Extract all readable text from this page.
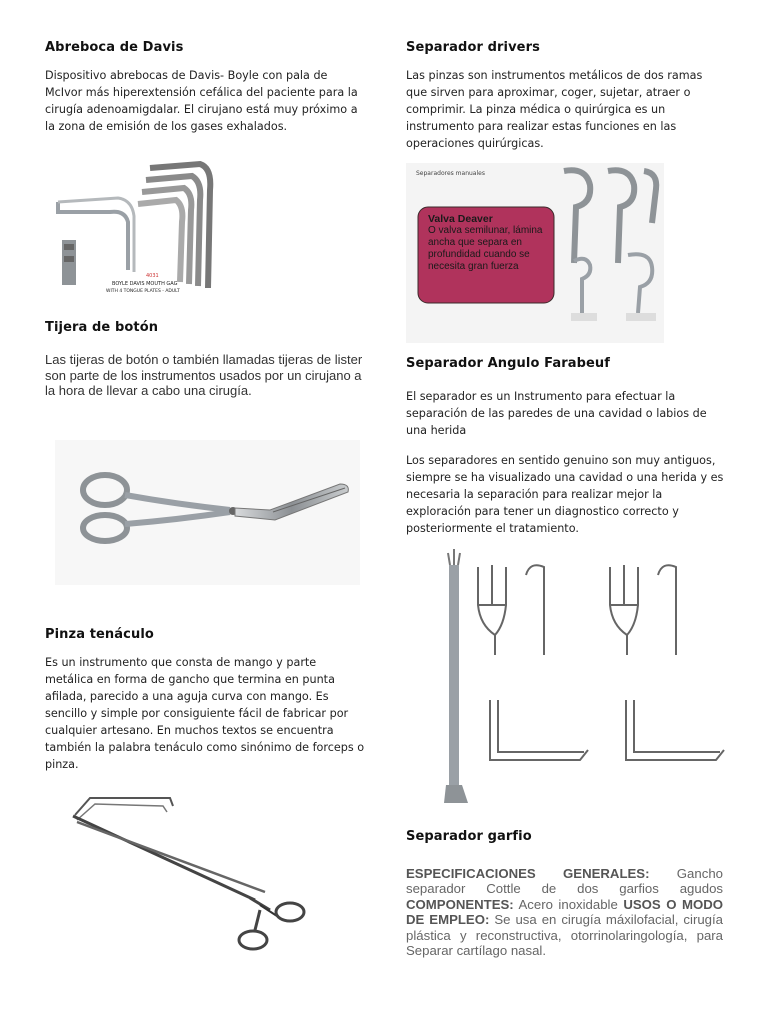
Abreboca de Davis

Dispositivo abrebocas de Davis- Boyle con pala de McIvor más hiperextensión cefálica del paciente para la cirugía adenoamigdalar. El cirujano está muy próximo a la zona de emisión de los gases exhalados.

4031
BOYLE DAVIS MOUTH GAG
WITH 4 TONGUE PLATES - ADULT
Tijera de botón

Las tijeras de botón o también llamadas tijeras de lister son parte de los instrumentos usados por un cirujano a la hora de llevar a cabo una cirugía.

Pinza tenáculo

Es un instrumento que consta de mango y parte metálica en forma de gancho que termina en punta afilada, parecido a una aguja curva con mango. Es sencillo y simple por consiguiente fácil de fabricar por cualquier artesano. En muchos textos se encuentra también la palabra tenáculo como sinónimo de forceps o pinza.

Separador drivers

Las pinzas son instrumentos metálicos de dos ramas que sirven para aproximar, coger, sujetar, atraer o comprimir. La pinza médica o quirúrgica es un instrumento para realizar estas funciones en las operaciones quirúrgicas.

Separadores manuales
Valva Deaver
O valva semilunar, lámina ancha que separa en profundidad cuando se necesita gran fuerza
Separador Angulo Farabeuf

El separador es un Instrumento para efectuar la separación de las paredes de una cavidad o labios de una herida

Los separadores en sentido genuino son muy antiguos, siempre se ha visualizado una cavidad o una herida y es necesaria la separación para realizar mejor la exploración para tener un diagnostico correcto y posteriormente el tratamiento.

Separador garfio

ESPECIFICACIONES GENERALES: Gancho separador Cottle de dos garfios agudos COMPONENTES: Acero inoxidable USOS O MODO DE EMPLEO: Se usa en cirugía máxilofacial, cirugía plástica y reconstructiva, otorrinolaringología, para Separar cartílago nasal.
